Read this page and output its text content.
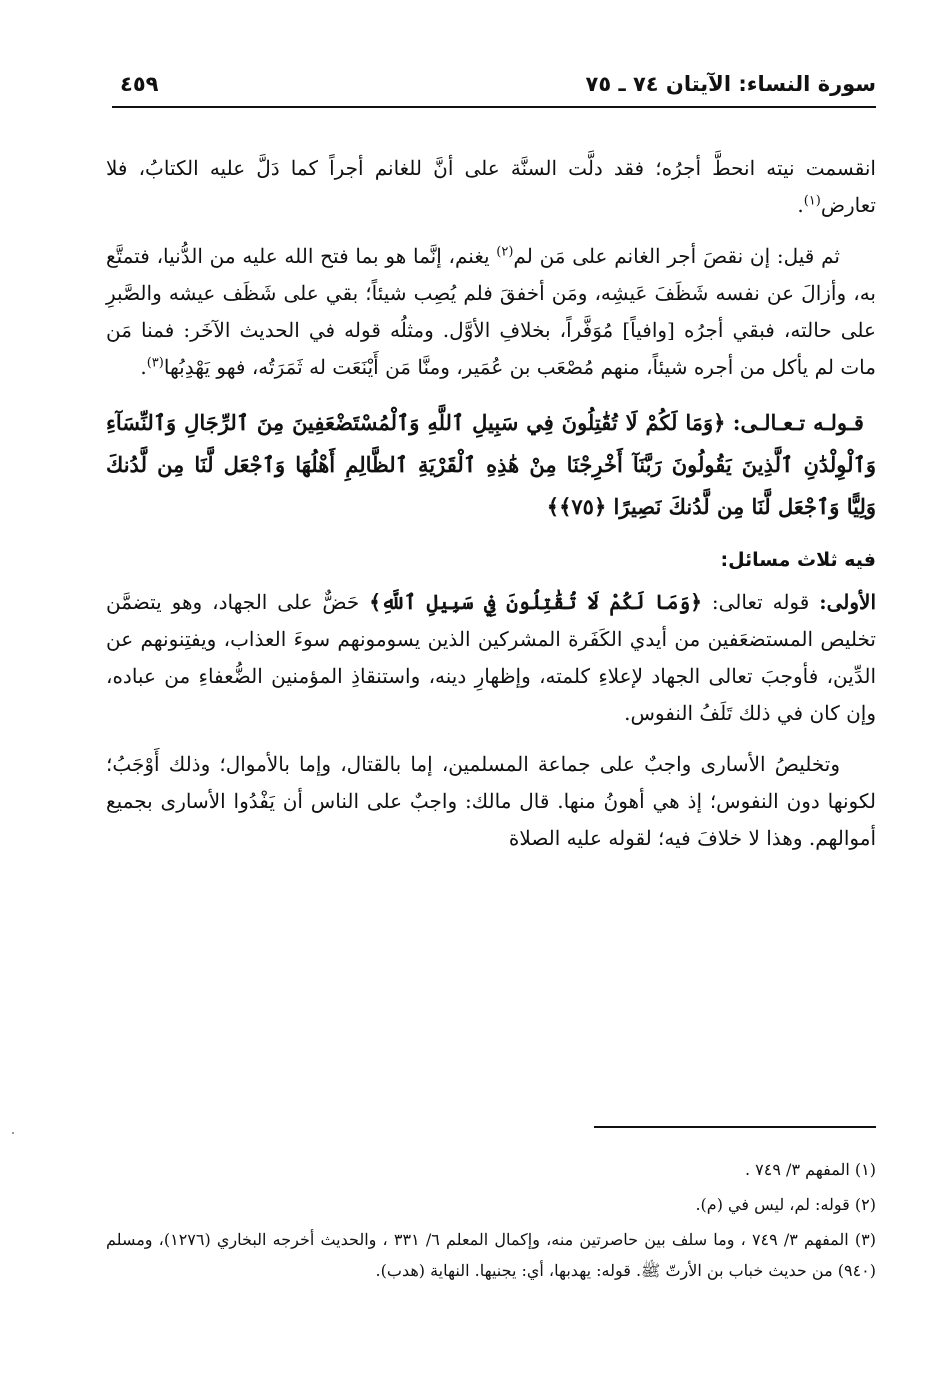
سورة النساء: الآيتان ٧٤ ـ ٧٥
٤٥٩

انقسمت نيته انحطَّ أجرُه؛ فقد دلَّت السنَّة على أنَّ للغانم أجراً كما دَلَّ عليه الكتابُ، فلا تعارض$^{(١)}$.

ثم قيل: إن نقصَ أجر الغانم على مَن لم$^{(٢)}$ يغنم، إنَّما هو بما فتح الله عليه من الدُّنيا، فتمتَّع به، وأزالَ عن نفسه شَظَفَ عَيشِه، ومَن أخفقَ فلم يُصِب شيئاً؛ بقي على شَظَف عيشه والصَّبرِ على حالته، فبقي أجرُه [وافياً] مُوَفَّراً، بخلافِ الأوَّل. ومثلُه قوله في الحديث الآخَر: فمنا مَن مات لم يأكل من أجره شيئاً، منهم مُصْعَب بن عُمَير، ومنَّا مَن أَيْنَعَت له ثَمَرَتُه، فهو يَهْدِبُها$^{(٣)}$.

قـولـه تـعـالـى: ﴿وَمَا لَكُمْ لَا تُقَٰتِلُونَ فِي سَبِيلِ ٱللَّهِ وَٱلْمُسْتَضْعَفِينَ مِنَ ٱلرِّجَالِ وَٱلنِّسَآءِ وَٱلْوِلْدَٰنِ ٱلَّذِينَ يَقُولُونَ رَبَّنَآ أَخْرِجْنَا مِنْ هَٰذِهِ ٱلْقَرْيَةِ ٱلظَّالِمِ أَهْلُهَا وَٱجْعَل لَّنَا مِن لَّدُنكَ وَلِيًّا وَٱجْعَل لَّنَا مِن لَّدُنكَ نَصِيرًا ﴿٧٥﴾﴾

فيه ثلاث مسائل:

الأولى: قوله تعالى: ﴿وَمَا لَكُمْ لَا تُقَٰتِلُونَ فِي سَبِيلِ ٱللَّهِ﴾ حَضٌّ على الجهاد، وهو يتضمَّن تخليص المستضعَفين من أيدي الكَفَرة المشركين الذين يسومونهم سوءَ العذاب، ويفتِنونهم عن الدِّين، فأوجبَ تعالى الجهاد لإعلاءِ كلمته، وإظهارِ دينه، واستنقاذِ المؤمنين الضُّعفاءِ من عباده، وإن كان في ذلك تَلَفُ النفوس.

وتخليصُ الأسارى واجبٌ على جماعة المسلمين، إما بالقتال، وإما بالأموال؛ وذلك أَوْجَبُ؛ لكونها دون النفوس؛ إذ هي أهونُ منها. قال مالك: واجبٌ على الناس أن يَفْدُوا الأسارى بجميع أموالهم. وهذا لا خلافَ فيه؛ لقوله عليه الصلاة

(١) المفهم ٣/ ٧٤٩ .

(٢) قوله: لم، ليس في (م).

(٣) المفهم ٣/ ٧٤٩ ، وما سلف بين حاصرتين منه، وإكمال المعلم ٦/ ٣٣١ ، والحديث أخرجه البخاري (١٢٧٦)، ومسلم (٩٤٠) من حديث خباب بن الأرتّ ﷺ. قوله: يهدبها، أي: يجنيها. النهاية (هدب).
